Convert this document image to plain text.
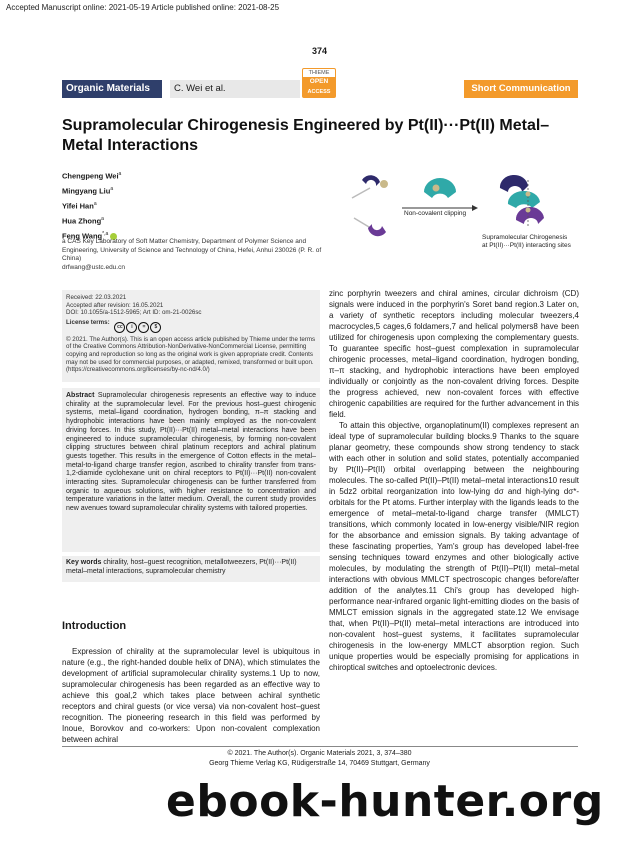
Accepted Manuscript online: 2021-05-19 Article published online: 2021-08-25
374
THIEME
OPEN
ACCESS
Organic Materials	C. Wei et al.	Short Communication
Supramolecular Chirogenesis Engineered by Pt(II)···Pt(II) Metal–Metal Interactions
Chengpeng Wei$^a$
Mingyang Liu$^a$
Yifei Han$^a$
Hua Zhong$^a$
Feng Wang$^{*,a}$
a CAS Key Laboratory of Soft Matter Chemistry, Department of Polymer Science and Engineering, University of Science and Technology of China, Hefei, Anhui 230026 (P. R. of China)
drfwang@ustc.edu.cn
Non-covalent clipping
Supramolecular Chirogenesis
at Pt(II)···Pt(II) interacting sites
Received: 22.03.2021
Accepted after revision: 16.05.2021
DOI: 10.1055/a-1512-5965; Art ID: om-21-0026sc
License terms: cc i = $
© 2021. The Author(s). This is an open access article published by Thieme under the terms of the Creative Commons Attribution-NonDerivative-NonCommercial License, permitting copying and reproduction so long as the original work is given appropriate credit. Contents may not be used for commercial purposes, or adapted, remixed, transformed or built upon. (https://creativecommons.org/licenses/by-nc-nd/4.0/)
Abstract Supramolecular chirogenesis represents an effective way to induce chirality at the supramolecular level. For the previous host–guest chirogenic systems, metal–ligand coordination, hydrogen bonding, π–π stacking and hydrophobic interactions have been mainly employed as the non-covalent driving forces. In this study, Pt(II)···Pt(II) metal–metal interactions have been engineered to induce supramolecular chirogenesis, by forming non-covalent clipping structures between chiral platinum receptors and achiral platinum guests together. This results in the emergence of Cotton effects in the metal–metal-to-ligand charge transfer region, ascribed to chirality transfer from trans-1,2-diamide cyclohexane unit on chiral receptors to Pt(II)···Pt(II) non-covalent interacting sites. Supramolecular chirogenesis can be further transferred from organic to aqueous solutions, with higher resistance to concentration and temperature variations in the latter medium. Overall, the current study provides new avenues toward supramolecular chirality systems with tailored properties.
Key words chirality, host–guest recognition, metallotweezers, Pt(II)···Pt(II) metal–metal interactions, supramolecular chemistry
Introduction

Expression of chirality at the supramolecular level is ubiquitous in nature (e.g., the right-handed double helix of DNA), which stimulates the development of artificial supramolecular chirality systems.1 Up to now, supramolecular chirogenesis has been regarded as an effective way to achieve this goal,2 which takes place between achiral synthetic receptors and chiral guests (or vice versa) via non-covalent host–guest recognition. The pioneering research in this field was performed by Inoue, Borovkov and co-workers: Upon non-covalent complexation between achiral

zinc porphyrin tweezers and chiral amines, circular dichroism (CD) signals were induced in the porphyrin's Soret band region.3 Later on, a variety of synthetic receptors including molecular tweezers,4 macrocycles,5 cages,6 foldamers,7 and helical polymers8 have been utilized for chirogenesis upon complexing the complementary guests. To guarantee specific host–guest complexation in supramolecular chirogenic processes, metal–ligand coordination, hydrogen bonding, π–π stacking, and hydrophobic interactions have been employed individually or conjointly as the non-covalent driving forces. Despite the progress achieved, new non-covalent forces with effective chirogenic capabilities are required for the further advancement in this field.

To attain this objective, organoplatinum(II) complexes represent an ideal type of supramolecular building blocks.9 Thanks to the square planar geometry, these compounds show strong tendency to stack with each other in solution and solid states, potentially accompanied by Pt(II)–Pt(II) orbital overlapping between the neighbouring molecules. The so-called Pt(II)–Pt(II) metal–metal interactions10 result in 5dz2 orbital reorganization into low-lying dσ and high-lying dσ*-orbitals for the Pt atoms. Further interplay with the ligands leads to the emergence of metal–metal-to-ligand charge transfer (MMLCT) transitions, which commonly located in low-energy visible/NIR region for the absorbance and emission signals. By taking advantage of these fascinating properties, Yam's group has developed label-free sensing techniques toward enzymes and other biologically active molecules, by modulating the strength of Pt(II)–Pt(II) metal–metal interactions with obvious MMLCT spectroscopic changes before/after addition of the analytes.11 Chi's group has developed high-performance near-infrared organic light-emitting diodes on the basis of MMLCT emission signals in the aggregated state.12 We envisage that, when Pt(II)–Pt(II) metal–metal interactions are introduced into non-covalent host–guest systems, it facilitates supramolecular chirogenesis in the low-energy MMLCT absorption region. Such unique properties would be especially promising for applications in chiroptical switches and optoelectronic devices.

© 2021. The Author(s). Organic Materials 2021, 3, 374–380
Georg Thieme Verlag KG, Rüdigerstraße 14, 70469 Stuttgart, Germany
ebook-hunter.org
